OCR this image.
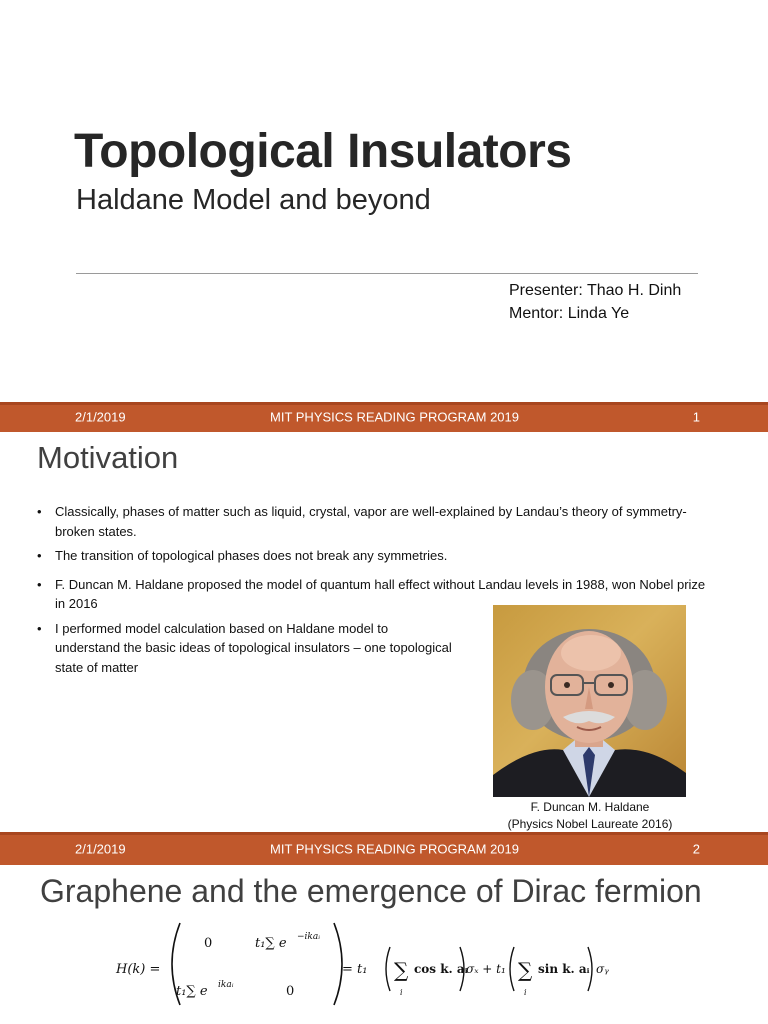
Topological Insulators
Haldane Model and beyond
Presenter: Thao H. Dinh
Mentor: Linda Ye
2/1/2019	MIT PHYSICS READING PROGRAM 2019	1
Motivation
• Classically, phases of matter such as liquid, crystal, vapor are well-explained by Landau’s theory of symmetry-broken states.
• The transition of topological phases does not break any symmetries.
• F. Duncan M. Haldane proposed the model of quantum hall effect without Landau levels in 1988, won Nobel prize in 2016
• I performed model calculation based on Haldane model to understand the basic ideas of topological insulators – one topological state of matter
F. Duncan M. Haldane
(Physics Nobel Laureate 2016)
2/1/2019	MIT PHYSICS READING PROGRAM 2019	2
Graphene and the emergence of Dirac fermion
H(k) =
0	t₁∑ e −ikaᵢ
t₁∑ e ikaᵢ	0
= t₁ ∑
i
cos k. aᵢ
σₓ + t₁ ∑
i
sin k. aᵢ σᵧ
